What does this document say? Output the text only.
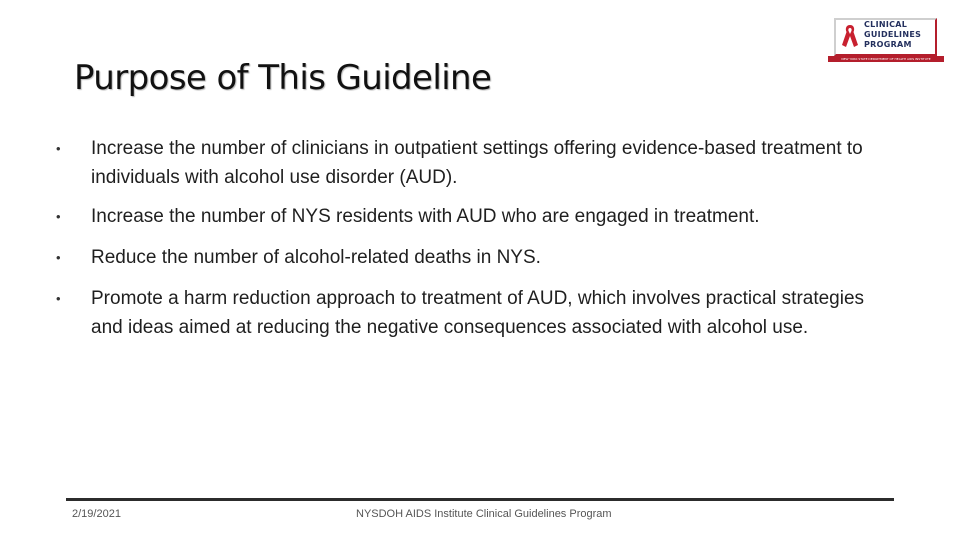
Purpose of This Guideline
CLINICAL
GUIDELINES
PROGRAM
NEW YORK STATE DEPARTMENT OF HEALTH AIDS INSTITUTE
• Increase the number of clinicians in outpatient settings offering evidence-based treatment to individuals with alcohol use disorder (AUD).
• Increase the number of NYS residents with AUD who are engaged in treatment.
• Reduce the number of alcohol-related deaths in NYS.
• Promote a harm reduction approach to treatment of AUD, which involves practical strategies and ideas aimed at reducing the negative consequences associated with alcohol use.
2/19/2021	NYSDOH AIDS Institute Clinical Guidelines Program
